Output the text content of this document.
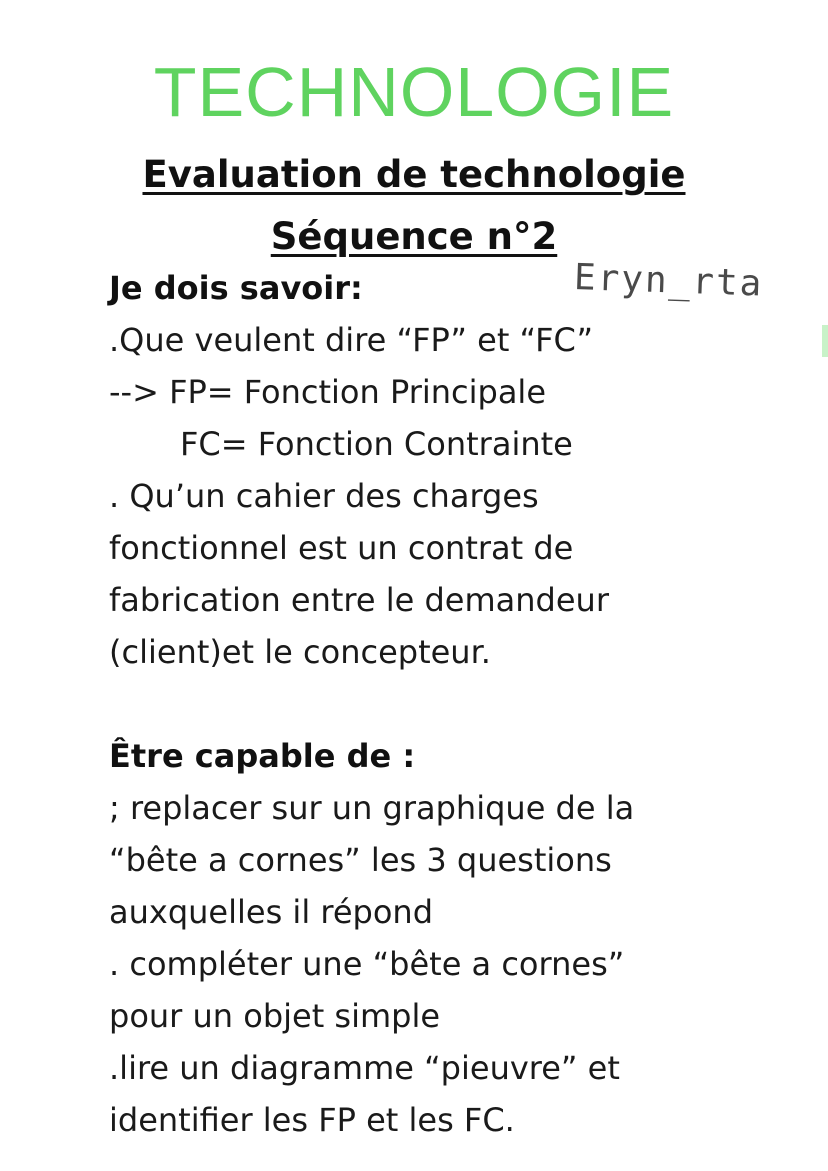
TECHNOLOGIE
Evaluation de technologie
Séquence n°2
Eryn_rta
Je dois savoir:
.Que veulent dire “FP” et “FC”
--> FP= Fonction Principale
FC= Fonction Contrainte
. Qu’un cahier des charges
fonctionnel est un contrat de
fabrication entre le demandeur
(client)et le concepteur.
Être capable de :
; replacer sur un graphique de la
“bête a cornes” les 3 questions
auxquelles il répond
. compléter une “bête a cornes”
pour un objet simple
.lire un diagramme “pieuvre” et
identifier les FP et les FC.
